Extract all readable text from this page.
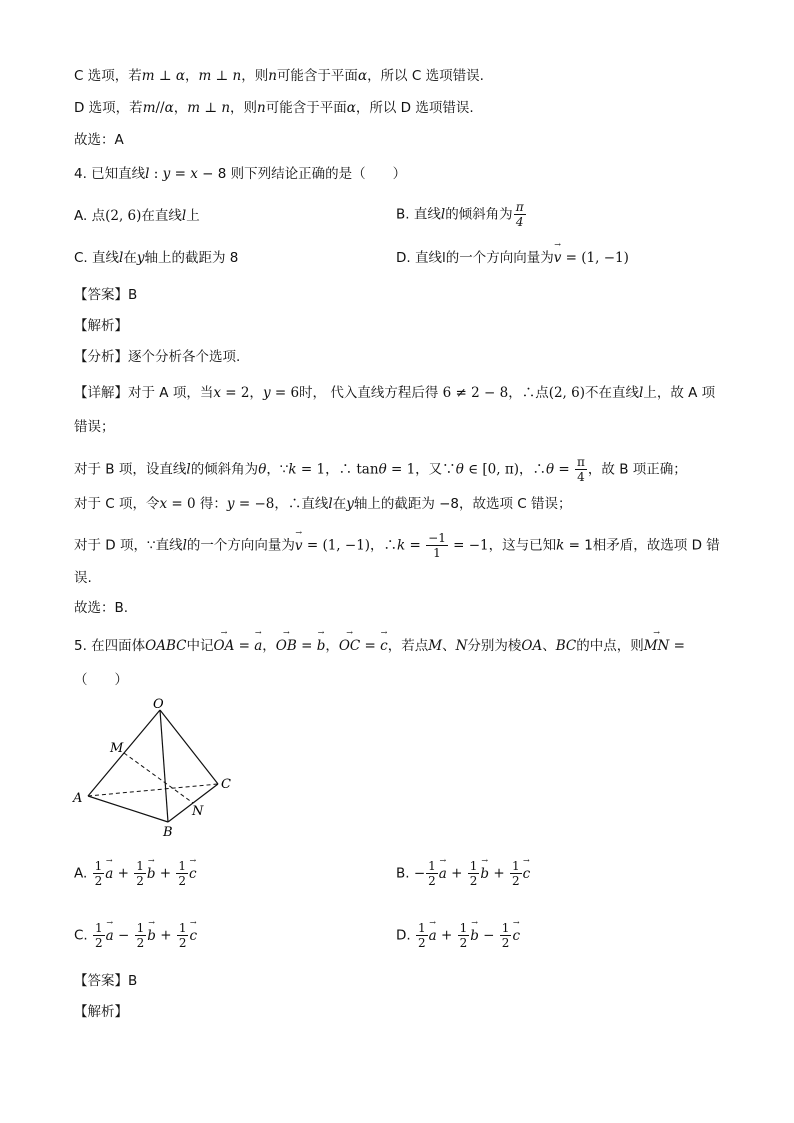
C 选项，若m ⊥ α，m ⊥ n，则n可能含于平面α，所以 C 选项错误.
D 选项，若m//α，m ⊥ n，则n可能含于平面α，所以 D 选项错误.
故选：A
4. 已知直线l : y = x − 8 则下列结论正确的是（　　）
A. 点(2, 6)在直线l上	B. 直线l的倾斜角为 $\frac{\pi}{4}$
C. 直线l在y轴上的截距为 8	D. 直线l的一个方向向量为
→
v = (1, −1)
【答案】B
【解析】
【分析】逐个分析各个选项.
【详解】对于 A 项，当x = 2，y = 6时， 代入直线方程后得 6 ≠ 2 − 8，∴点(2, 6)不在直线l上，故 A 项
错误；
对于 B 项，设直线l的倾斜角为θ，∵k = 1，∴ tanθ = 1，又∵θ ∈ [0, π)，∴θ = $\frac{\pi}{4}$ ，故 B 项正确；
对于 C 项，令x = 0 得：y = −8，∴直线l在y轴上的截距为 −8，故选项 C 错误；
对于 D 项，∵直线l的一个方向向量为
→
v = (1, −1)，∴k = $\frac{-1}{1} = -1$，这与已知k = 1相矛盾，故选项 D 错
误.
故选：B.
5. 在四面体OABC中记
→
OA =
→
a，
→
OB =
→
b，
→
OC =
→
c，若点M、N分别为棱OA、BC的中点，则
→
MN =
（　　）
O
M
A
C
N
B
A. $\frac{1}{2}$ →
$a + \frac{1}{2}$ →
$b + \frac{1}{2}$ →
c	B. − $\frac{1}{2}$ →
$a + \frac{1}{2}$ →
$b + \frac{1}{2}$ →
c
C. $\frac{1}{2}$ →
$a - \frac{1}{2}$ →
$b + \frac{1}{2}$ →
c	D. $\frac{1}{2}$ →
$a + \frac{1}{2}$ →
$b - \frac{1}{2}$ →
c
【答案】B
【解析】
